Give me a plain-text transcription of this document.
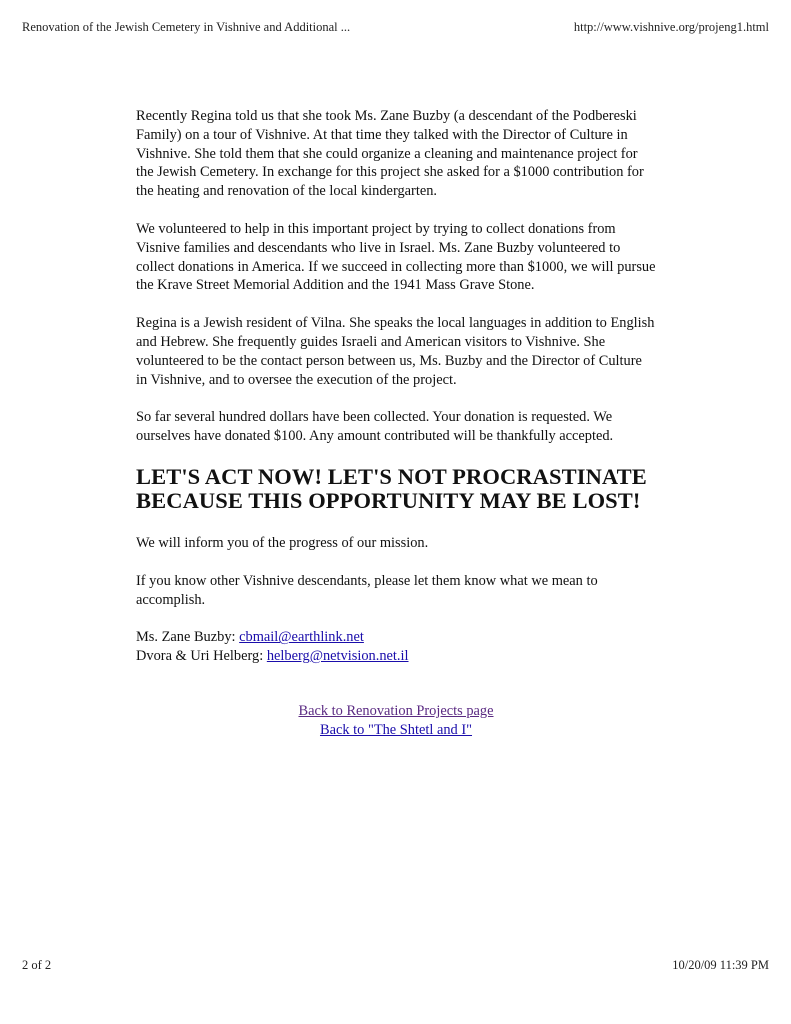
Renovation of the Jewish Cemetery in Vishnive and Additional ...	http://www.vishnive.org/projeng1.html

Recently Regina told us that she took Ms. Zane Buzby (a descendant of the Podbereski Family) on a tour of Vishnive. At that time they talked with the Director of Culture in Vishnive. She told them that she could organize a cleaning and maintenance project for the Jewish Cemetery. In exchange for this project she asked for a $1000 contribution for the heating and renovation of the local kindergarten.

We volunteered to help in this important project by trying to collect donations from Visnive families and descendants who live in Israel. Ms. Zane Buzby volunteered to collect donations in America. If we succeed in collecting more than $1000, we will pursue the Krave Street Memorial Addition and the 1941 Mass Grave Stone.

Regina is a Jewish resident of Vilna. She speaks the local languages in addition to English and Hebrew. She frequently guides Israeli and American visitors to Vishnive. She volunteered to be the contact person between us, Ms. Buzby and the Director of Culture in Vishnive, and to oversee the execution of the project.

So far several hundred dollars have been collected. Your donation is requested. We ourselves have donated $100. Any amount contributed will be thankfully accepted.

LET'S ACT NOW! LET'S NOT PROCRASTINATE BECAUSE THIS OPPORTUNITY MAY BE LOST!

We will inform you of the progress of our mission.

If you know other Vishnive descendants, please let them know what we mean to accomplish.

Ms. Zane Buzby: cbmail@earthlink.net

Dvora & Uri Helberg: helberg@netvision.net.il

Back to Renovation Projects page
Back to "The Shtetl and I"
2 of 2	10/20/09 11:39 PM
